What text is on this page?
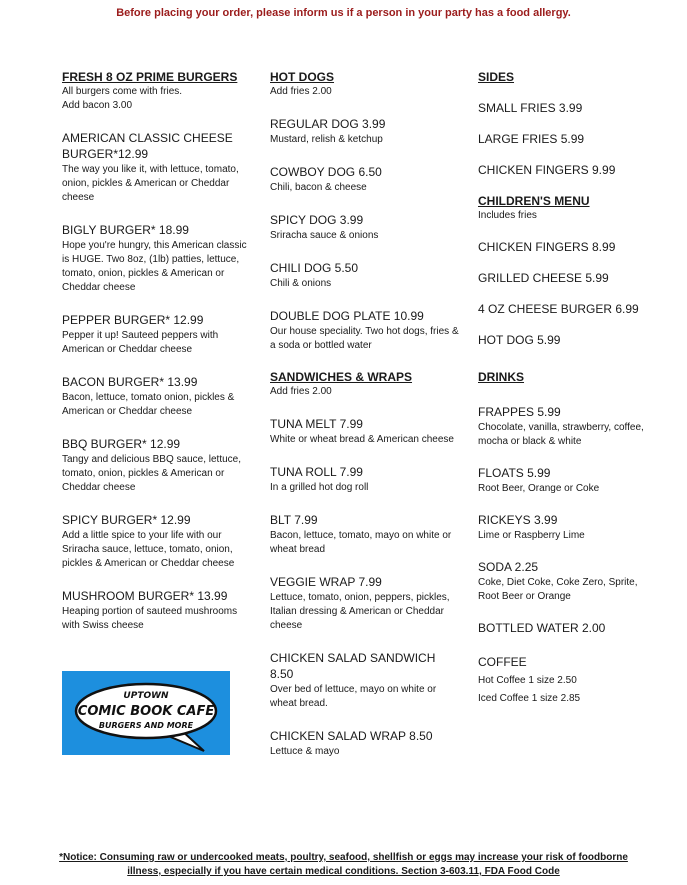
Before placing your order, please inform us if a person in your party has a food allergy.
FRESH 8 OZ PRIME BURGERS
All burgers come with fries.
Add bacon 3.00
AMERICAN CLASSIC CHEESE BURGER*12.99
The way you like it, with lettuce, tomato, onion, pickles & American or Cheddar cheese
BIGLY BURGER* 18.99
Hope you're hungry, this American classic is HUGE. Two 8oz, (1lb) patties, lettuce, tomato, onion, pickles & American or Cheddar cheese
PEPPER BURGER* 12.99
Pepper it up! Sauteed peppers with American or Cheddar cheese
BACON BURGER* 13.99
Bacon, lettuce, tomato onion, pickles & American or Cheddar cheese
BBQ BURGER* 12.99
Tangy and delicious BBQ sauce, lettuce, tomato, onion, pickles & American or Cheddar cheese
SPICY BURGER* 12.99
Add a little spice to your life with our Sriracha sauce, lettuce, tomato, onion, pickles & American or Cheddar cheese
MUSHROOM BURGER* 13.99
Heaping portion of sauteed mushrooms with Swiss cheese
UPTOWN
COMIC BOOK CAFE
BURGERS AND MORE
HOT DOGS
Add fries 2.00
REGULAR DOG 3.99
Mustard, relish & ketchup
COWBOY DOG 6.50
Chili, bacon & cheese
SPICY DOG 3.99
Sriracha sauce & onions
CHILI DOG 5.50
Chili & onions
DOUBLE DOG PLATE 10.99
Our house speciality. Two hot dogs, fries & a soda or bottled water
SANDWICHES & WRAPS
Add fries 2.00
TUNA MELT 7.99
White or wheat bread & American cheese
TUNA ROLL 7.99
In a grilled hot dog roll
BLT 7.99
Bacon, lettuce, tomato, mayo on white or wheat bread
VEGGIE WRAP 7.99
Lettuce, tomato, onion, peppers, pickles, Italian dressing & American or Cheddar cheese
CHICKEN SALAD SANDWICH 8.50
Over bed of lettuce, mayo on white or wheat bread.
CHICKEN SALAD WRAP 8.50
Lettuce & mayo
SIDES
SMALL FRIES 3.99
LARGE FRIES 5.99
CHICKEN FINGERS 9.99
CHILDREN'S MENU
Includes fries
CHICKEN FINGERS 8.99
GRILLED CHEESE 5.99
4 OZ CHEESE BURGER 6.99
HOT DOG 5.99
DRINKS
FRAPPES 5.99
Chocolate, vanilla, strawberry, coffee, mocha or black & white
FLOATS 5.99
Root Beer, Orange or Coke
RICKEYS 3.99
Lime or Raspberry Lime
SODA 2.25
Coke, Diet Coke, Coke Zero, Sprite, Root Beer or Orange
BOTTLED WATER 2.00
COFFEE
Hot Coffee 1 size 2.50
Iced Coffee 1 size 2.85
*Notice: Consuming raw or undercooked meats, poultry, seafood, shellfish or eggs may increase your risk of foodborne
illness, especially if you have certain medical conditions. Section 3-603.11, FDA Food Code
